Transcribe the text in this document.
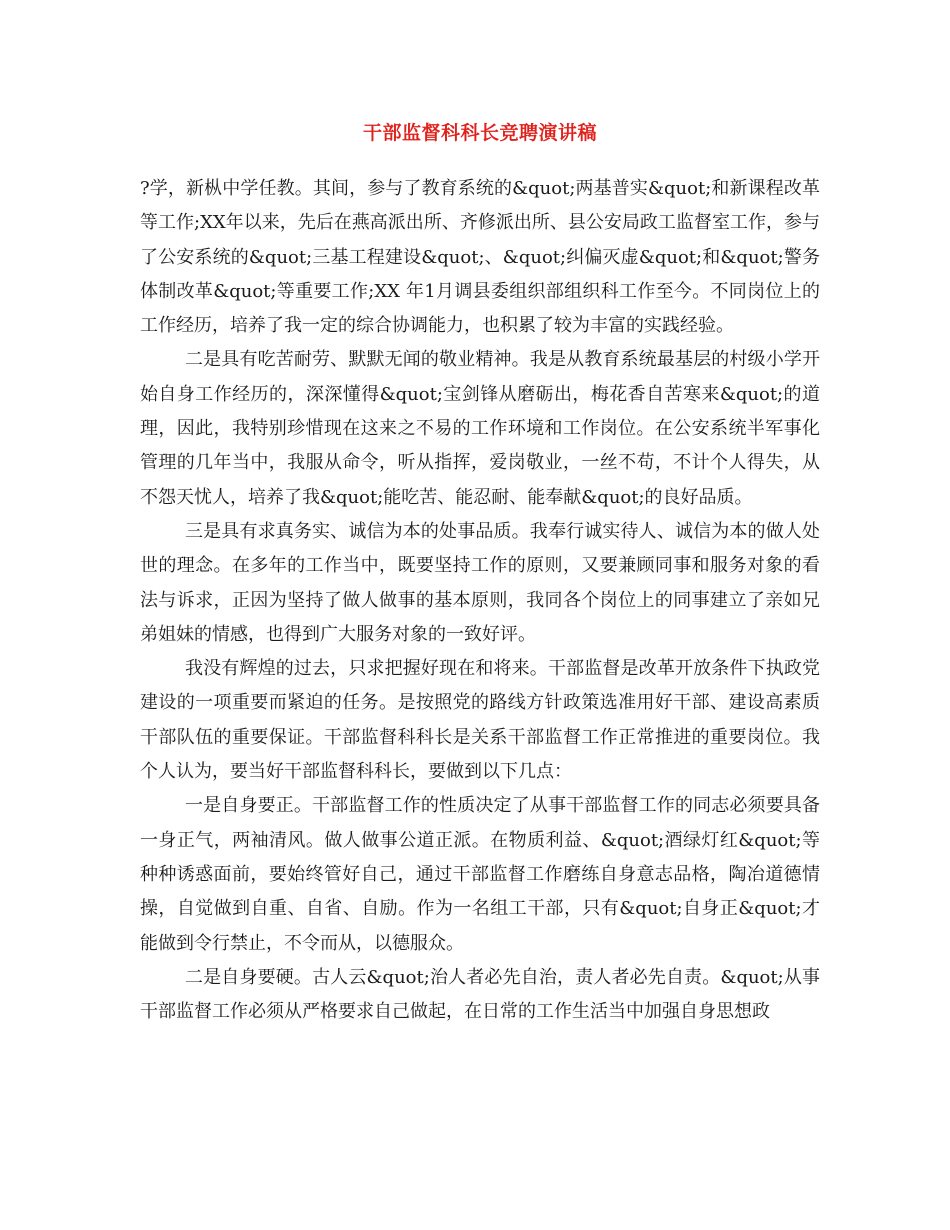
干部监督科科长竞聘演讲稿

?学，新枞中学任教。其间，参与了教育系统的&quot;两基普实&quot;和新课程改革等工作;XX年以来，先后在燕高派出所、齐修派出所、县公安局政工监督室工作，参与了公安系统的&quot;三基工程建设&quot;、&quot;纠偏灭虚&quot;和&quot;警务体制改革&quot;等重要工作;XX 年1月调县委组织部组织科工作至今。不同岗位上的工作经历，培养了我一定的综合协调能力，也积累了较为丰富的实践经验。

二是具有吃苦耐劳、默默无闻的敬业精神。我是从教育系统最基层的村级小学开始自身工作经历的，深深懂得&quot;宝剑锋从磨砺出，梅花香自苦寒来&quot;的道理，因此，我特别珍惜现在这来之不易的工作环境和工作岗位。在公安系统半军事化管理的几年当中，我服从命令，听从指挥，爱岗敬业，一丝不苟，不计个人得失，从不怨天忧人，培养了我&quot;能吃苦、能忍耐、能奉献&quot;的良好品质。

三是具有求真务实、诚信为本的处事品质。我奉行诚实待人、诚信为本的做人处世的理念。在多年的工作当中，既要坚持工作的原则，又要兼顾同事和服务对象的看法与诉求，正因为坚持了做人做事的基本原则，我同各个岗位上的同事建立了亲如兄弟姐妹的情感，也得到广大服务对象的一致好评。

我没有辉煌的过去，只求把握好现在和将来。干部监督是改革开放条件下执政党建设的一项重要而紧迫的任务。是按照党的路线方针政策选准用好干部、建设高素质干部队伍的重要保证。干部监督科科长是关系干部监督工作正常推进的重要岗位。我个人认为，要当好干部监督科科长，要做到以下几点：

一是自身要正。干部监督工作的性质决定了从事干部监督工作的同志必须要具备一身正气，两袖清风。做人做事公道正派。在物质利益、&quot;酒绿灯红&quot;等种种诱惑面前，要始终管好自己，通过干部监督工作磨练自身意志品格，陶冶道德情操，自觉做到自重、自省、自励。作为一名组工干部，只有&quot;自身正&quot;才能做到令行禁止，不令而从，以德服众。

二是自身要硬。古人云&quot;治人者必先自治，责人者必先自责。&quot;从事干部监督工作必须从严格要求自己做起，在日常的工作生活当中加强自身思想政
